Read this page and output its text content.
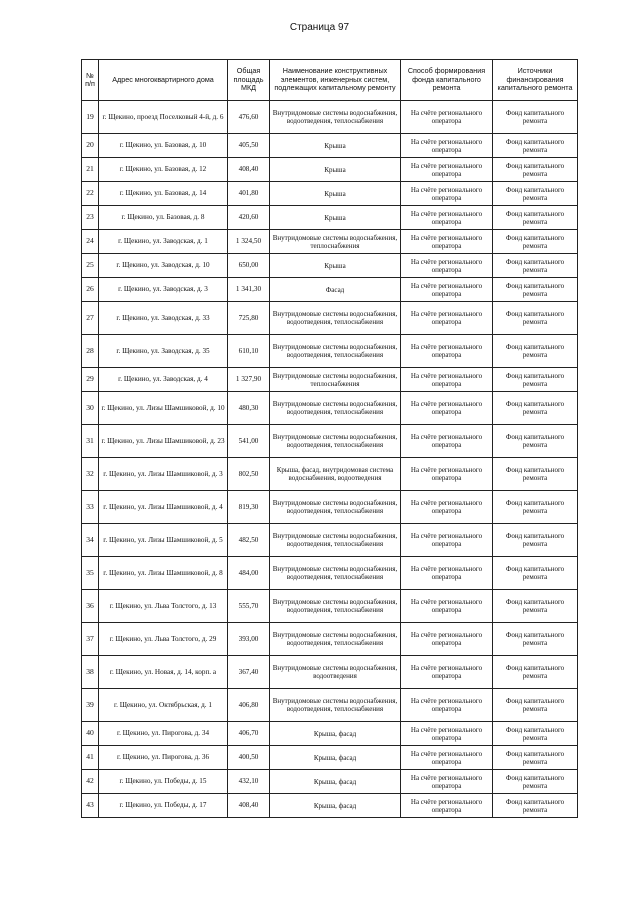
Страница 97
№ п/п	Адрес многоквартирного дома	Общая площадь МКД	Наименование конструктивных элементов, инженерных систем, подлежащих капитальному ремонту	Способ формирования фонда капитального ремонта	Источники финансирования капитального ремонта
19	г. Щекино, проезд Поселковый 4-й, д. 6	476,60	Внутридомовые системы водоснабжения, водоотведения, теплоснабжения	На счёте регионального оператора	Фонд капитального ремонта
20	г. Щекино, ул. Базовая, д. 10	405,50	Крыша	На счёте регионального оператора	Фонд капитального ремонта
21	г. Щекино, ул. Базовая, д. 12	408,40	Крыша	На счёте регионального оператора	Фонд капитального ремонта
22	г. Щекино, ул. Базовая, д. 14	401,80	Крыша	На счёте регионального оператора	Фонд капитального ремонта
23	г. Щекино, ул. Базовая, д. 8	420,60	Крыша	На счёте регионального оператора	Фонд капитального ремонта
24	г. Щекино, ул. Заводская, д. 1	1 324,50	Внутридомовые системы водоснабжения, теплоснабжения	На счёте регионального оператора	Фонд капитального ремонта
25	г. Щекино, ул. Заводская, д. 10	650,00	Крыша	На счёте регионального оператора	Фонд капитального ремонта
26	г. Щекино, ул. Заводская, д. 3	1 341,30	Фасад	На счёте регионального оператора	Фонд капитального ремонта
27	г. Щекино, ул. Заводская, д. 33	725,80	Внутридомовые системы водоснабжения, водоотведения, теплоснабжения	На счёте регионального оператора	Фонд капитального ремонта
28	г. Щекино, ул. Заводская, д. 35	610,10	Внутридомовые системы водоснабжения, водоотведения, теплоснабжения	На счёте регионального оператора	Фонд капитального ремонта
29	г. Щекино, ул. Заводская, д. 4	1 327,90	Внутридомовые системы водоснабжения, теплоснабжения	На счёте регионального оператора	Фонд капитального ремонта
30	г. Щекино, ул. Лизы Шамшиковой, д. 10	480,30	Внутридомовые системы водоснабжения, водоотведения, теплоснабжения	На счёте регионального оператора	Фонд капитального ремонта
31	г. Щекино, ул. Лизы Шамшиковой, д. 23	541,00	Внутридомовые системы водоснабжения, водоотведения, теплоснабжения	На счёте регионального оператора	Фонд капитального ремонта
32	г. Щекино, ул. Лизы Шамшиковой, д. 3	802,50	Крыша, фасад, внутридомовая система водоснабжения, водоотведения	На счёте регионального оператора	Фонд капитального ремонта
33	г. Щекино, ул. Лизы Шамшиковой, д. 4	819,30	Внутридомовые системы водоснабжения, водоотведения, теплоснабжения	На счёте регионального оператора	Фонд капитального ремонта
34	г. Щекино, ул. Лизы Шамшиковой, д. 5	482,50	Внутридомовые системы водоснабжения, водоотведения, теплоснабжения	На счёте регионального оператора	Фонд капитального ремонта
35	г. Щекино, ул. Лизы Шамшиковой, д. 8	484,00	Внутридомовые системы водоснабжения, водоотведения, теплоснабжения	На счёте регионального оператора	Фонд капитального ремонта
36	г. Щекино, ул. Льва Толстого, д. 13	555,70	Внутридомовые системы водоснабжения, водоотведения, теплоснабжения	На счёте регионального оператора	Фонд капитального ремонта
37	г. Щекино, ул. Льва Толстого, д. 29	393,00	Внутридомовые системы водоснабжения, водоотведения, теплоснабжения	На счёте регионального оператора	Фонд капитального ремонта
38	г. Щекино, ул. Новая, д. 14, корп. а	367,40	Внутридомовые системы водоснабжения, водоотведения	На счёте регионального оператора	Фонд капитального ремонта
39	г. Щекино, ул. Октябрьская, д. 1	406,80	Внутридомовые системы водоснабжения, водоотведения, теплоснабжения	На счёте регионального оператора	Фонд капитального ремонта
40	г. Щекино, ул. Пирогова, д. 34	406,70	Крыша, фасад	На счёте регионального оператора	Фонд капитального ремонта
41	г. Щекино, ул. Пирогова, д. 36	400,50	Крыша, фасад	На счёте регионального оператора	Фонд капитального ремонта
42	г. Щекино, ул. Победы, д. 15	432,10	Крыша, фасад	На счёте регионального оператора	Фонд капитального ремонта
43	г. Щекино, ул. Победы, д. 17	408,40	Крыша, фасад	На счёте регионального оператора	Фонд капитального ремонта
